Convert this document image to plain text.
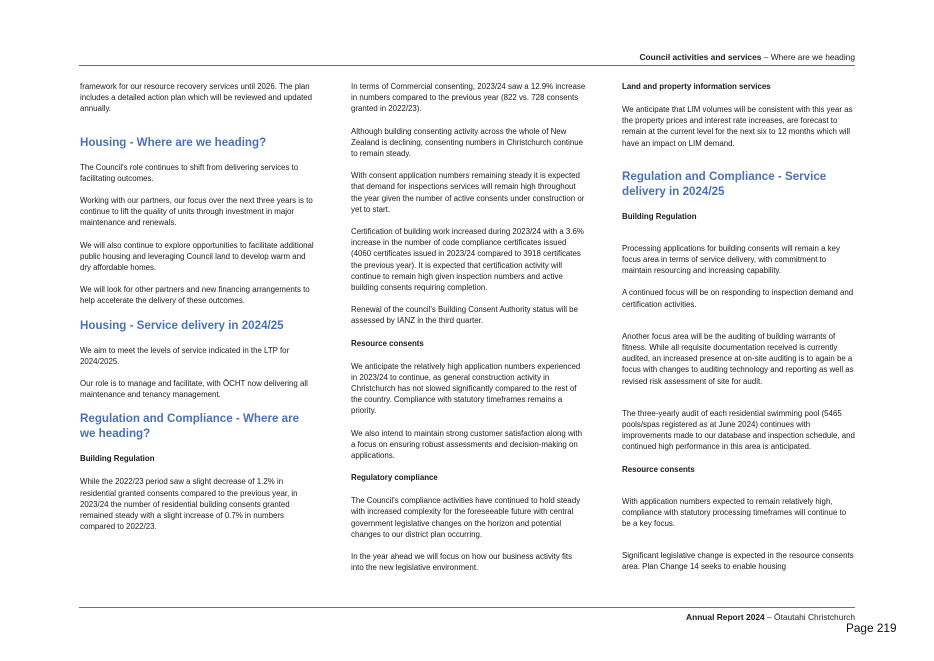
Council activities and services – Where are we heading

framework for our resource recovery services until 2026. The plan includes a detailed action plan which will be reviewed and updated annually.

Housing - Where are we heading?

The Council's role continues to shift from delivering services to facilitating outcomes.

Working with our partners, our focus over the next three years is to continue to lift the quality of units through investment in major maintenance and renewals.

We will also continue to explore opportunities to facilitate additional public housing and leveraging Council land to develop warm and dry affordable homes.

We will look for other partners and new financing arrangements to help accelerate the delivery of these outcomes.

Housing - Service delivery in 2024/25

We aim to meet the levels of service indicated in the LTP for 2024/2025.

Our role is to manage and facilitate, with ŌCHT now delivering all maintenance and tenancy management.

Regulation and Compliance - Where are we heading?
Building Regulation

While the 2022/23 period saw a slight decrease of 1.2% in residential granted consents compared to the previous year, in 2023/24 the number of residential building consents granted remained steady with a slight increase of 0.7% in numbers compared to 2022/23.

In terms of Commercial consenting, 2023/24 saw a 12.9% increase in numbers compared to the previous year (822 vs. 728 consents granted in 2022/23).

Although building consenting activity across the whole of New Zealand is declining, consenting numbers in Christchurch continue to remain steady.

With consent application numbers remaining steady it is expected that demand for inspections services will remain high throughout the year given the number of active consents under construction or yet to start.

Certification of building work increased during 2023/24 with a 3.6% increase in the number of code compliance certificates issued (4060 certificates issued in 2023/24 compared to 3918 certificates the previous year). It is expected that certification activity will continue to remain high given inspection numbers and active building consents requiring completion.

Renewal of the council's Building Consent Authority status will be assessed by IANZ in the third quarter.

Resource consents

We anticipate the relatively high application numbers experienced in 2023/24 to continue, as general construction activity in Christchurch has not slowed significantly compared to the rest of the country. Compliance with statutory timeframes remains a priority.

We also intend to maintain strong customer satisfaction along with a focus on ensuring robust assessments and decision-making on applications.

Regulatory compliance

The Council's compliance activities have continued to hold steady with increased complexity for the foreseeable future with central government legislative changes on the horizon and potential changes to our district plan occurring.

In the year ahead we will focus on how our business activity fits into the new legislative environment.

Land and property information services

We anticipate that LIM volumes will be consistent with this year as the property prices and interest rate increases, are forecast to remain at the current level for the next six to 12 months which will have an impact on LIM demand.

Regulation and Compliance - Service delivery in 2024/25
Building Regulation

Processing applications for building consents will remain a key focus area in terms of service delivery, with commitment to maintain resourcing and increasing capability.

A continued focus will be on responding to inspection demand and certification activities.

Another focus area will be the auditing of building warrants of fitness. While all requisite documentation received is currently audited, an increased presence at on-site auditing is to again be a focus with changes to auditing technology and reporting as well as revised risk assessment of site for audit.

The three-yearly audit of each residential swimming pool (5465 pools/spas registered as at June 2024) continues with improvements made to our database and inspection schedule, and continued high performance in this area is anticipated.

Resource consents

With application numbers expected to remain relatively high, compliance with statutory processing timeframes will continue to be a key focus.

Significant legislative change is expected in the resource consents area. Plan Change 14 seeks to enable housing

Annual Report 2024 – Ōtautahi Christchurch
Page 219
